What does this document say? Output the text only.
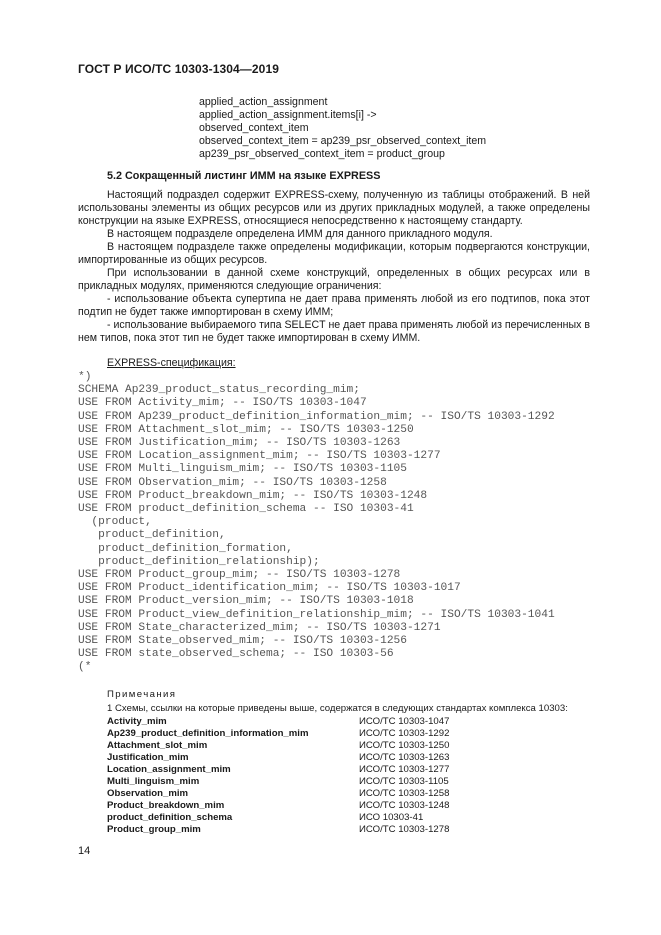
ГОСТ Р ИСО/ТС 10303-1304—2019
applied_action_assignment
applied_action_assignment.items[i] ->
observed_context_item
observed_context_item = ap239_psr_observed_context_item
ap239_psr_observed_context_item = product_group
5.2 Сокращенный листинг ИММ на языке EXPRESS
Настоящий подраздел содержит EXPRESS-схему, полученную из таблицы отображений. В ней использованы элементы из общих ресурсов или из других прикладных модулей, а также определены конструкции на языке EXPRESS, относящиеся непосредственно к настоящему стандарту.
В настоящем подразделе определена ИММ для данного прикладного модуля.
В настоящем подразделе также определены модификации, которым подвергаются конструкции, импортированные из общих ресурсов.
При использовании в данной схеме конструкций, определенных в общих ресурсах или в прикладных модулях, применяются следующие ограничения:
- использование объекта супертипа не дает права применять любой из его подтипов, пока этот подтип не будет также импортирован в схему ИММ;
- использование выбираемого типа SELECT не дает права применять любой из перечисленных в нем типов, пока этот тип не будет также импортирован в схему ИММ.
EXPRESS-спецификация:
*)
SCHEMA Ap239_product_status_recording_mim;
USE FROM Activity_mim; -- ISO/TS 10303-1047
USE FROM Ap239_product_definition_information_mim; -- ISO/TS 10303-1292
USE FROM Attachment_slot_mim; -- ISO/TS 10303-1250
USE FROM Justification_mim; -- ISO/TS 10303-1263
USE FROM Location_assignment_mim; -- ISO/TS 10303-1277
USE FROM Multi_linguism_mim; -- ISO/TS 10303-1105
USE FROM Observation_mim; -- ISO/TS 10303-1258
USE FROM Product_breakdown_mim; -- ISO/TS 10303-1248
USE FROM product_definition_schema -- ISO 10303-41
(product,
product_definition,
product_definition_formation,
product_definition_relationship);
USE FROM Product_group_mim; -- ISO/TS 10303-1278
USE FROM Product_identification_mim; -- ISO/TS 10303-1017
USE FROM Product_version_mim; -- ISO/TS 10303-1018
USE FROM Product_view_definition_relationship_mim; -- ISO/TS 10303-1041
USE FROM State_characterized_mim; -- ISO/TS 10303-1271
USE FROM State_observed_mim; -- ISO/TS 10303-1256
USE FROM state_observed_schema; -- ISO 10303-56
(*
Примечания
1 Схемы, ссылки на которые приведены выше, содержатся в следующих стандартах комплекса 10303:
Activity_mim	ИСО/ТС 10303-1047
Ap239_product_definition_information_mim	ИСО/ТС 10303-1292
Attachment_slot_mim	ИСО/ТС 10303-1250
Justification_mim	ИСО/ТС 10303-1263
Location_assignment_mim	ИСО/ТС 10303-1277
Multi_linguism_mim	ИСО/ТС 10303-1105
Observation_mim	ИСО/ТС 10303-1258
Product_breakdown_mim	ИСО/ТС 10303-1248
product_definition_schema	ИСО 10303-41
Product_group_mim	ИСО/ТС 10303-1278
14
